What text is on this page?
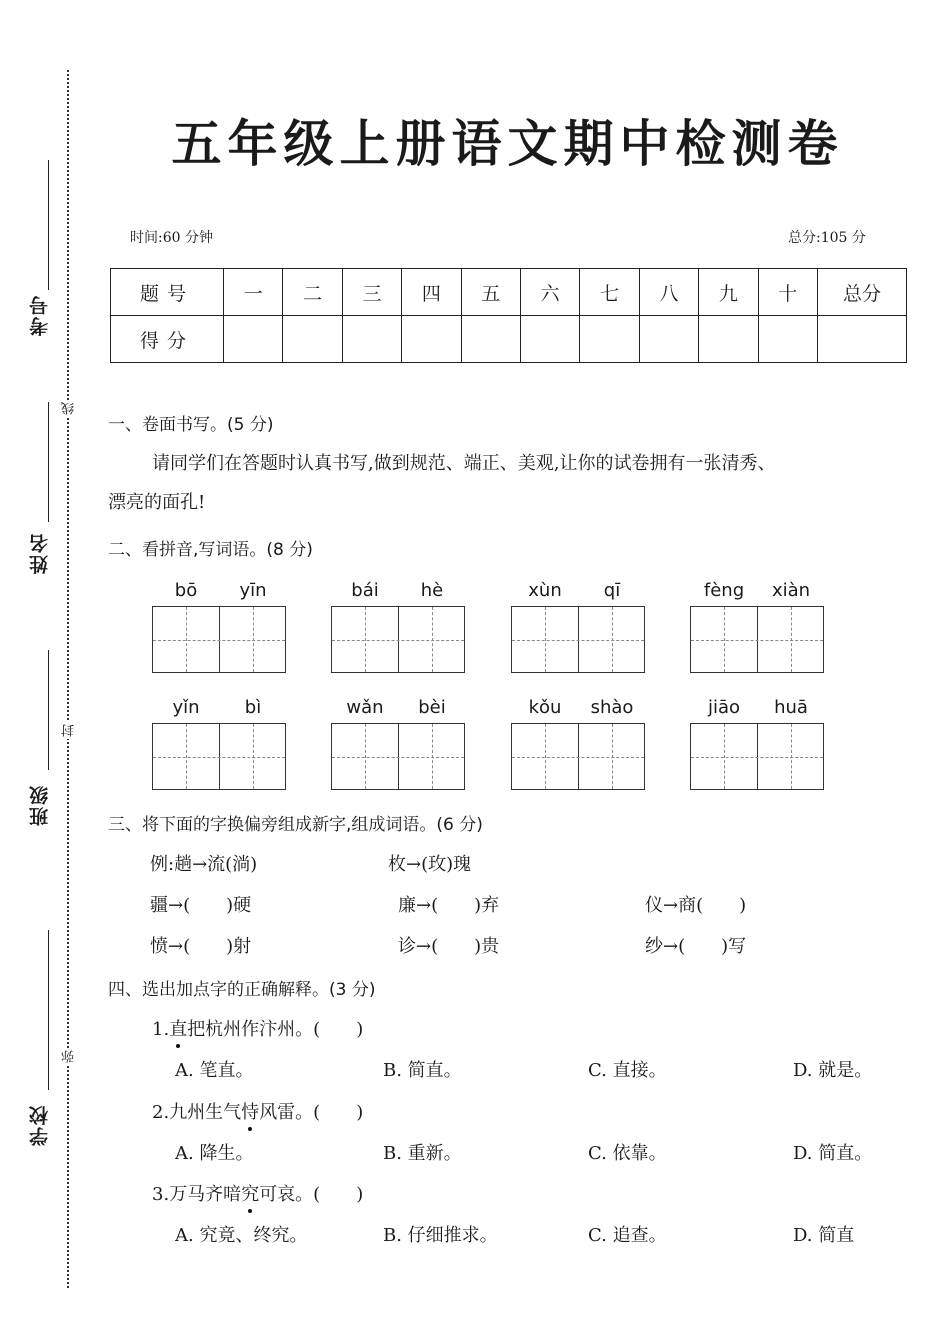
考号
姓名
班级
学校
线
封
弥
五年级上册语文期中检测卷
时间:60 分钟	总分:105 分
题号	一	二	三	四	五	六	七	八	九	十	总分
得分											
一、卷面书写。(5 分)
请同学们在答题时认真书写,做到规范、端正、美观,让你的试卷拥有一张清秀、
漂亮的面孔!
二、看拼音,写词语。(8 分)
bō	yīn	bái	hè	xùn	qī	fèng	xiàn
yǐn	bì	wǎn	bèi	kǒu	shào	jiāo	huā
三、将下面的字换偏旁组成新字,组成词语。(6 分)
例:趟→流(淌)	枚→(玫)瑰
疆→(　　)硬	廉→(　　)弃	仪→商(　　)
愤→(　　)射	诊→(　　)贵	纱→(　　)写
四、选出加点字的正确解释。(3 分)
1.直把杭州作汴州。(　　)
A. 笔直。	B. 简直。	C. 直接。	D. 就是。
2.九州生气恃风雷。(　　)
A. 降生。	B. 重新。	C. 依靠。	D. 简直。
3.万马齐喑究可哀。(　　)
A. 究竟、终究。	B. 仔细推求。	C. 追查。	D. 简直
